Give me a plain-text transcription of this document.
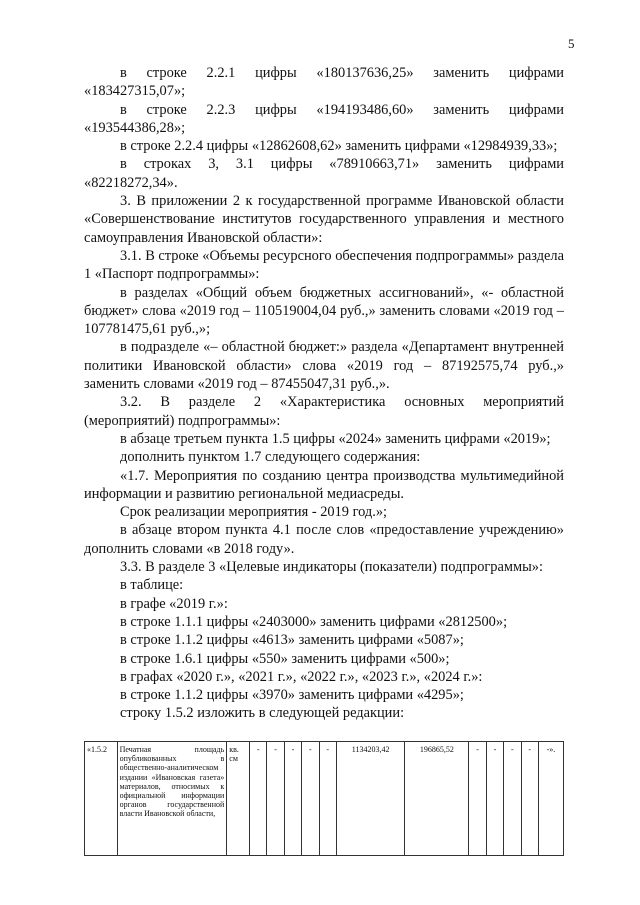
5

в строке 2.2.1 цифры «180137636,25» заменить цифрами «183427315,07»;

в строке 2.2.3 цифры «194193486,60» заменить цифрами «193544386,28»;

в строке 2.2.4 цифры «12862608,62» заменить цифрами «12984939,33»;

в строках 3, 3.1 цифры «78910663,71» заменить цифрами «82218272,34».

3. В приложении 2 к государственной программе Ивановской области «Совершенствование институтов государственного управления и местного самоуправления Ивановской области»:

3.1. В строке «Объемы ресурсного обеспечения подпрограммы» раздела 1 «Паспорт подпрограммы»:

в разделах «Общий объем бюджетных ассигнований», «- областной бюджет» слова «2019 год – 110519004,04 руб.,» заменить словами «2019 год – 107781475,61 руб.,»;

в подразделе «– областной бюджет:» раздела «Департамент внутренней политики Ивановской области» слова «2019 год – 87192575,74 руб.,» заменить словами «2019 год – 87455047,31 руб.,».

3.2. В разделе 2 «Характеристика основных мероприятий (мероприятий) подпрограммы»:

в абзаце третьем пункта 1.5 цифры «2024» заменить цифрами «2019»;

дополнить пунктом 1.7 следующего содержания:

«1.7. Мероприятия по созданию центра производства мультимедийной информации и развитию региональной медиасреды.

Срок реализации мероприятия - 2019 год.»;

в абзаце втором пункта 4.1 после слов «предоставление учреждению» дополнить словами «в 2018 году».

3.3. В разделе 3 «Целевые индикаторы (показатели) подпрограммы»:

в таблице:

в графе «2019 г.»:

в строке 1.1.1 цифры «2403000» заменить цифрами «2812500»;

в строке 1.1.2 цифры «4613» заменить цифрами «5087»;

в строке 1.6.1 цифры «550» заменить цифрами «500»;

в графах «2020 г.», «2021 г.», «2022 г.», «2023 г.», «2024 г.»:

в строке 1.1.2 цифры «3970» заменить цифрами «4295»;

строку 1.5.2 изложить в следующей редакции:

«1.5.2	Печатная площадь опубликованных в общественно-аналитическом издании «Ивановская газета» материалов, относимых к официальной информации органов государственной власти Ивановской области,	кв. см	-	-	-	-	-	1134203,42	196865,52	-	-	-	-	-».
